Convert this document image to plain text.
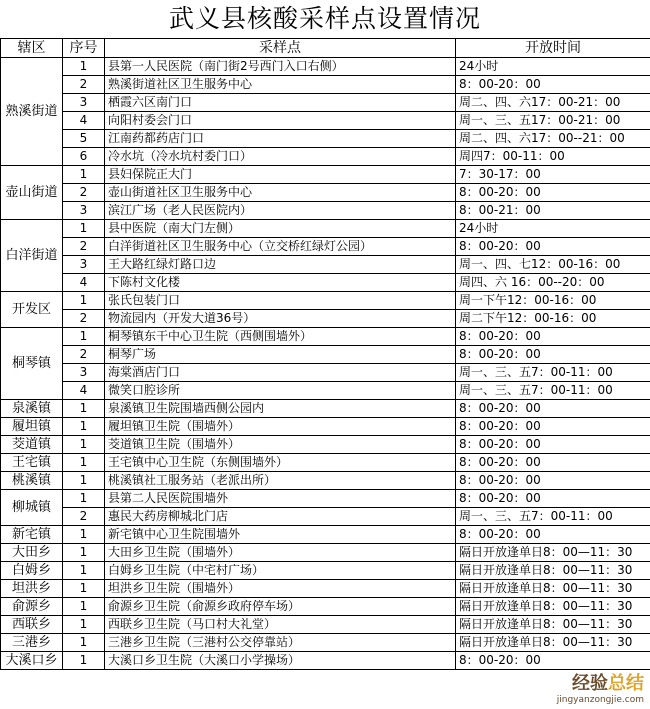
武义县核酸采样点设置情况
辖区	序号	采样点	开放时间
熟溪街道	1	县第一人民医院（南门街2号西门入口右侧）	24小时
	2	熟溪街道社区卫生服务中心	8：00-20：00
	3	栖霞六区南门口	周二、四、六17：00-21：00
	4	向阳村委会门口	周一、三、五17：00-21：00
	5	江南药都药店门口	周二、四、六17：00--21：00
	6	冷水坑（冷水坑村委门口）	周四7：00-11：00
壶山街道	1	县妇保院正大门	7：30-17：00
	2	壶山街道社区卫生服务中心	8：00-20：00
	3	滨江广场（老人民医院内）	8：00-21：00
白洋街道	1	县中医院（南大门左侧）	24小时
	2	白洋街道社区卫生服务中心（立交桥红绿灯公园）	8：00-20：00
	3	王大路红绿灯路口边	周一、四、七12：00-16：00
	4	下陈村文化楼	周四、六 16：00--20：00
开发区	1	张氏包装门口	周一下午12：00-16：00
	2	物流园内（开发大道36号）	周二下午12：00-16：00
桐琴镇	1	桐琴镇东干中心卫生院（西侧围墙外）	8：00-20：00
	2	桐琴广场	8：00-20：00
	3	海棠酒店门口	周一、三、五7：00-11：00
	4	微笑口腔诊所	周一、三、五7：00-11：00
泉溪镇	1	泉溪镇卫生院围墙西侧公园内	8：00-20：00
履坦镇	1	履坦镇卫生院（围墙外）	8：00-20：00
茭道镇	1	茭道镇卫生院（围墙外）	8：00-20：00
王宅镇	1	王宅镇中心卫生院（东侧围墙外）	8：00-20：00
桃溪镇	1	桃溪镇社工服务站（老派出所）	8：00-20：00
柳城镇	1	县第二人民医院围墙外	8：00-20：00
	2	惠民大药房柳城北门店	周一、三、五7：00-11：00
新宅镇	1	新宅镇中心卫生院围墙外	8：00-20：00
大田乡	1	大田乡卫生院（围墙外）	隔日开放逢单日8：00—11：30
白姆乡	1	白姆乡卫生院（中宅村广场）	隔日开放逢单日8：00—11：30
坦洪乡	1	坦洪乡卫生院（围墙外）	隔日开放逢单日8：00—11：30
俞源乡	1	俞源乡卫生院（俞源乡政府停车场）	隔日开放逢单日8：00—11：30
西联乡	1	西联乡卫生院（马口村大礼堂）	隔日开放逢单日8：00—11：30
三港乡	1	三港乡卫生院（三港村公交停靠站）	隔日开放逢单日8：00—11：30
大溪口乡	1	大溪口乡卫生院（大溪口小学操场）	8：00-20：00
经验总结
jingyanzongjie.com
